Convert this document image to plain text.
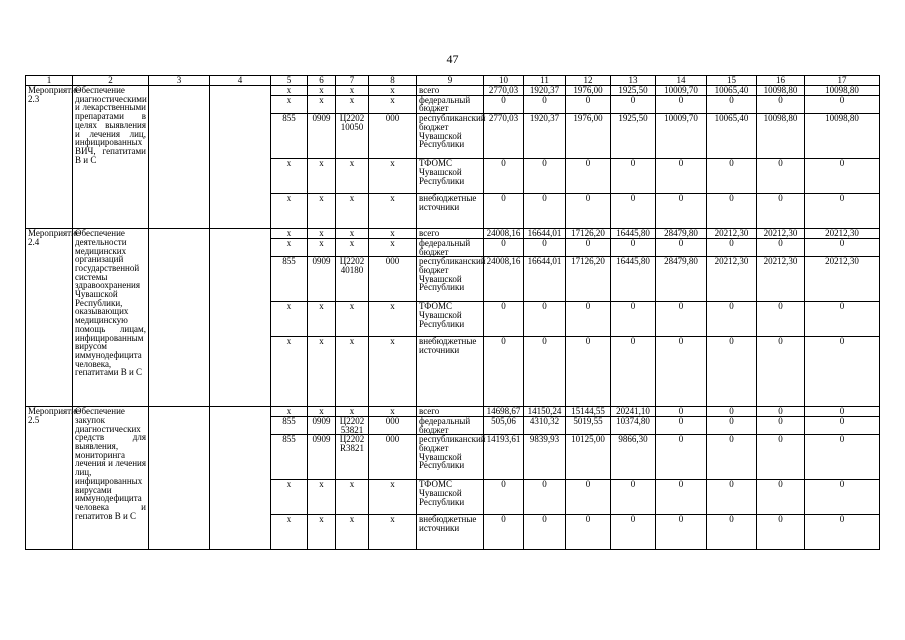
47
1	2	3	4	5	6	7	8	9	10	11	12	13	14	15	16	17
Мероприятие 2.3	Обеспечение диагностическими и лекарственными препаратами в целях выявления и лечения лиц, инфицированных ВИЧ, гепатитами В и С			x	x	x	x	всего	2770,03	1920,37	1976,00	1925,50	10009,70	10065,40	10098,80	10098,80
				x	x	x	x	федеральный бюджет	0	0	0	0	0	0	0	0
				855	0909	Ц2202 10050	000	республиканский бюджет Чувашской Республики	2770,03	1920,37	1976,00	1925,50	10009,70	10065,40	10098,80	10098,80
				x	x	x	x	ТФОМС Чувашской Республики	0	0	0	0	0	0	0	0
				x	x	x	x	внебюджетные источники	0	0	0	0	0	0	0	0
Мероприятие 2.4	Обеспечение деятельности медицинских организаций государственной системы здравоохранения Чувашской Республики, оказывающих медицинскую помощь лицам, инфицированным вирусом иммунодефицита человека, гепатитами В и С			x	x	x	x	всего	24008,16	16644,01	17126,20	16445,80	28479,80	20212,30	20212,30	20212,30
				x	x	x	x	федеральный бюджет	0	0	0	0	0	0	0	0
				855	0909	Ц2202 40180	000	республиканский бюджет Чувашской Республики	24008,16	16644,01	17126,20	16445,80	28479,80	20212,30	20212,30	20212,30
				x	x	x	x	ТФОМС Чувашской Республики	0	0	0	0	0	0	0	0
				x	x	x	x	внебюджетные источники	0	0	0	0	0	0	0	0
Мероприятие 2.5	Обеспечение закупок диагностических средств для выявления, мониторинга лечения и лечения лиц, инфицированных вирусами иммунодефицита человека и гепатитов В и С			x	x	x	x	всего	14698,67	14150,24	15144,55	20241,10	0	0	0	0
				855	0909	Ц2202 53821	000	федеральный бюджет	505,06	4310,32	5019,55	10374,80	0	0	0	0
				855	0909	Ц2202 R3821	000	республиканский бюджет Чувашской Республики	14193,61	9839,93	10125,00	9866,30	0	0	0	0
				x	x	x	x	ТФОМС Чувашской Республики	0	0	0	0	0	0	0	0
				x	x	x	x	внебюджетные источники	0	0	0	0	0	0	0	0
